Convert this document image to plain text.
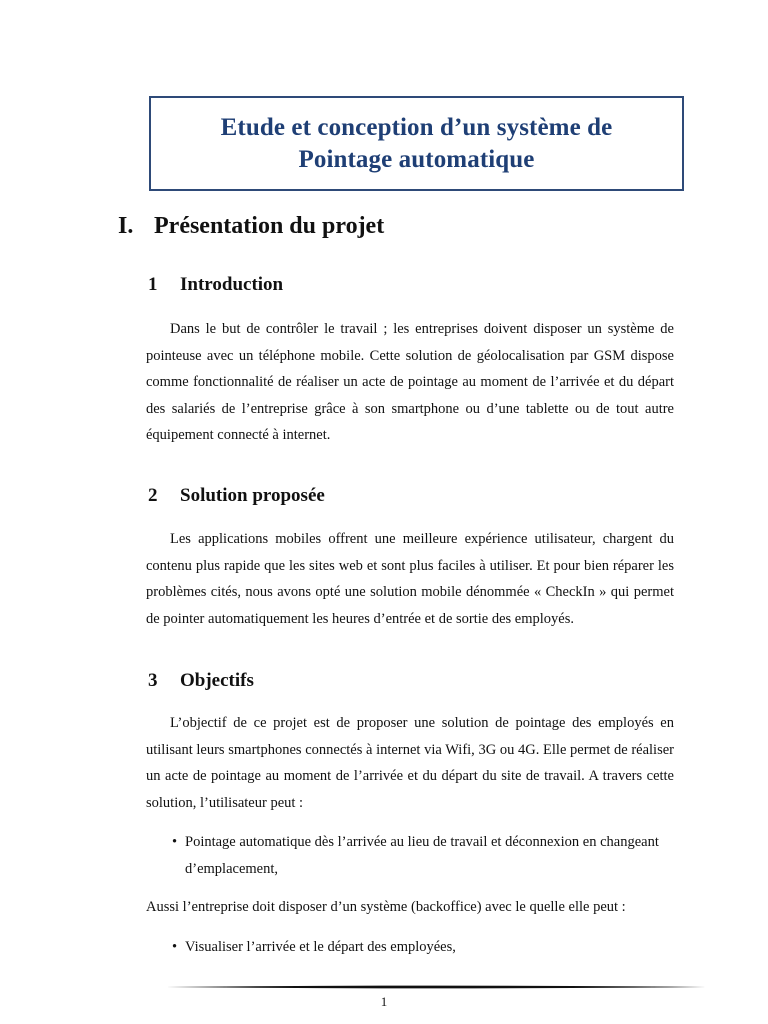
Etude et conception d’un système de
Pointage automatique
I. Présentation du projet
1 Introduction

Dans le but de contrôler le travail ; les entreprises doivent disposer un système de pointeuse avec un téléphone mobile. Cette solution de géolocalisation par GSM dispose comme fonctionnalité de réaliser un acte de pointage au moment de l’arrivée et du départ des salariés de l’entreprise grâce à son smartphone ou d’une tablette ou de tout autre équipement connecté à internet.

2 Solution proposée

Les applications mobiles offrent une meilleure expérience utilisateur, chargent du contenu plus rapide que les sites web et sont plus faciles à utiliser. Et pour bien réparer les problèmes cités, nous avons opté une solution mobile dénommée « CheckIn » qui permet de pointer automatiquement les heures d’entrée et de sortie des employés.

3 Objectifs

L’objectif de ce projet est de proposer une solution de pointage des employés en utilisant leurs smartphones connectés à internet via Wifi, 3G ou 4G. Elle permet de réaliser un acte de pointage au moment de l’arrivée et du départ du site de travail. A travers cette solution, l’utilisateur peut :

• Pointage automatique dès l’arrivée au lieu de travail et déconnexion en changeant d’emplacement,

Aussi l’entreprise doit disposer d’un système (backoffice) avec le quelle elle peut :

• Visualiser l’arrivée et le départ des employées,
1
